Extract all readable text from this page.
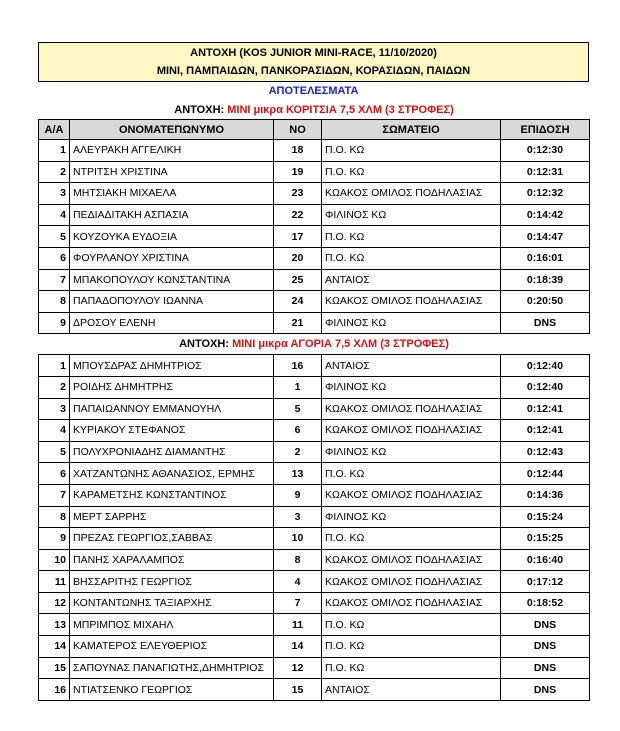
ΑΝΤΟΧΗ (KOS JUNIOR MINI-RACE, 11/10/2020)
MINI, ΠΑΜΠΑΙΔΩΝ, ΠΑΝΚΟΡΑΣΙΔΩΝ, ΚΟΡΑΣΙΔΩΝ, ΠΑΙΔΩΝ
ΑΠΟΤΕΛΕΣΜΑΤΑ
ΑΝΤΟΧΗ: MINI μικρα ΚΟΡΙΤΣΙΑ 7,5 ΧΛΜ (3 ΣΤΡΟΦΕΣ)				
Α/Α	ΟΝΟΜΑΤΕΠΩΝΥΜΟ	ΝΟ	ΣΩΜΑΤΕΙΟ	ΕΠΙΔΟΣΗ
1	ΑΛΕΥΡΑΚΗ ΑΓΓΕΛΙΚΗ	18	Π.Ο. ΚΩ	0:12:30
2	ΝΤΡΙΤΣΗ ΧΡΙΣΤΙΝΑ	19	Π.Ο. ΚΩ	0:12:31
3	ΜΗΤΣΙΑΚΗ ΜΙΧΑΕΛΑ	23	ΚΩΑΚΟΣ ΟΜΙΛΟΣ ΠΟΔΗΛΑΣΙΑΣ	0:12:32
4	ΠΕΔΙΑΔΙΤΑΚΗ ΑΣΠΑΣΙΑ	22	ΦΙΛΙΝΟΣ ΚΩ	0:14:42
5	ΚΟΥΖΟΥΚΑ ΕΥΔΟΞΙΑ	17	Π.Ο. ΚΩ	0:14:47
6	ΦΟΥΡΛΑΝΟΥ ΧΡΙΣΤΙΝΑ	20	Π.Ο. ΚΩ	0:16:01
7	ΜΠΑΚΟΠΟΥΛΟΥ ΚΩΝΣΤΑΝΤΙΝΑ	25	ΑΝΤΑΙΟΣ	0:18:39
8	ΠΑΠΑΔΟΠΟΥΛΟΥ ΙΩΑΝΝΑ	24	ΚΩΑΚΟΣ ΟΜΙΛΟΣ ΠΟΔΗΛΑΣΙΑΣ	0:20:50
9	ΔΡΟΣΟΥ ΕΛΕΝΗ	21	ΦΙΛΙΝΟΣ ΚΩ	DNS
ΑΝΤΟΧΗ: MINI μικρα ΑΓΟΡΙΑ 7,5 ΧΛΜ (3 ΣΤΡΟΦΕΣ)				
1	ΜΠΟΥΣΔΡΑΣ ΔΗΜΗΤΡΙΟΣ	16	ΑΝΤΑΙΟΣ	0:12:40
2	ΡΟΙΔΗΣ ΔΗΜΗΤΡΗΣ	1	ΦΙΛΙΝΟΣ ΚΩ	0:12:40
3	ΠΑΠΑΙΩΑΝΝΟΥ ΕΜΜΑΝΟΥΗΛ	5	ΚΩΑΚΟΣ ΟΜΙΛΟΣ ΠΟΔΗΛΑΣΙΑΣ	0:12:41
4	ΚΥΡΙΑΚΟΥ ΣΤΕΦΑΝΟΣ	6	ΚΩΑΚΟΣ ΟΜΙΛΟΣ ΠΟΔΗΛΑΣΙΑΣ	0:12:41
5	ΠΟΛΥΧΡΟΝΙΑΔΗΣ ΔΙΑΜΑΝΤΗΣ	2	ΦΙΛΙΝΟΣ ΚΩ	0:12:43
6	ΧΑΤΖΑΝΤΩΝΗΣ ΑΘΑΝΑΣΙΟΣ, ΕΡΜΗΣ	13	Π.Ο. ΚΩ	0:12:44
7	ΚΑΡΑΜΕΤΣΗΣ ΚΩΝΣΤΑΝΤΙΝΟΣ	9	ΚΩΑΚΟΣ ΟΜΙΛΟΣ ΠΟΔΗΛΑΣΙΑΣ	0:14:36
8	ΜΕΡΤ ΣΑΡΡΗΣ	3	ΦΙΛΙΝΟΣ ΚΩ	0:15:24
9	ΠΡΕΖΑΣ ΓΕΩΡΓΙΟΣ,ΣΑΒΒΑΣ	10	Π.Ο. ΚΩ	0:15:25
10	ΠΑΝΗΣ ΧΑΡΑΛΑΜΠΟΣ	8	ΚΩΑΚΟΣ ΟΜΙΛΟΣ ΠΟΔΗΛΑΣΙΑΣ	0:16:40
11	ΒΗΣΣΑΡΙΤΗΣ ΓΕΩΡΓΙΟΣ	4	ΚΩΑΚΟΣ ΟΜΙΛΟΣ ΠΟΔΗΛΑΣΙΑΣ	0:17:12
12	ΚΟΝΤΑΝΤΩΝΗΣ ΤΑΞΙΑΡΧΗΣ	7	ΚΩΑΚΟΣ ΟΜΙΛΟΣ ΠΟΔΗΛΑΣΙΑΣ	0:18:52
13	ΜΠΡΙΜΠΟΣ ΜΙΧΑΗΛ	11	Π.Ο. ΚΩ	DNS
14	ΚΑΜΑΤΕΡΟΣ ΕΛΕΥΘΕΡΙΟΣ	14	Π.Ο. ΚΩ	DNS
15	ΣΑΠΟΥΝΑΣ ΠΑΝΑΓΙΩΤΗΣ,ΔΗΜΗΤΡΙΟΣ	12	Π.Ο. ΚΩ	DNS
16	ΝΤΙΑΤΣΕΝΚΟ ΓΕΩΡΓΙΟΣ	15	ΑΝΤΑΙΟΣ	DNS
